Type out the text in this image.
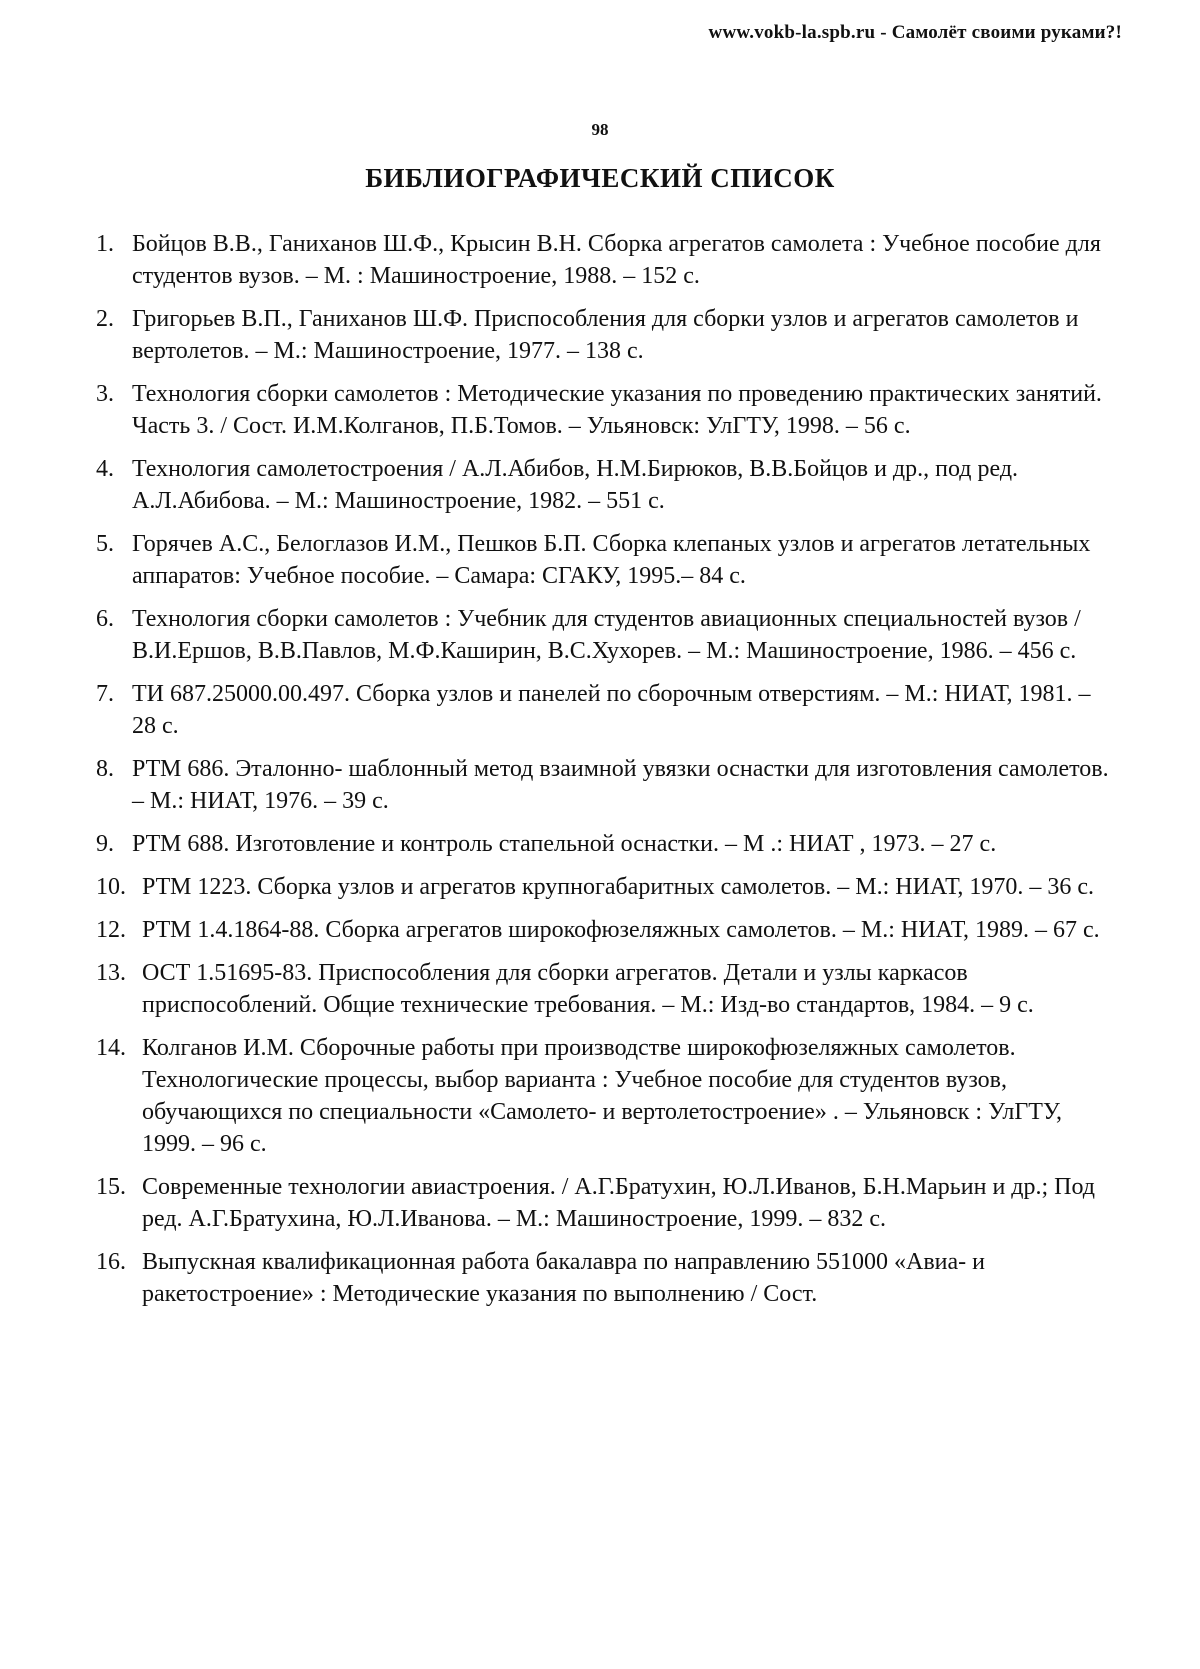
www.vokb-la.spb.ru - Самолёт своими руками?!
98
БИБЛИОГРАФИЧЕСКИЙ СПИСОК
1. Бойцов В.В., Ганиханов Ш.Ф., Крысин В.Н. Сборка агрегатов самолета : Учебное пособие для студентов вузов. – М. : Машиностроение, 1988. – 152 с.
2. Григорьев В.П., Ганиханов Ш.Ф. Приспособления для сборки узлов и агрегатов самолетов и вертолетов. – М.: Машиностроение, 1977. – 138 с.
3. Технология сборки самолетов : Методические указания по проведению практических занятий. Часть 3. / Сост. И.М.Колганов, П.Б.Томов. – Ульяновск: УлГТУ, 1998. – 56 с.
4. Технология самолетостроения / А.Л.Абибов, Н.М.Бирюков, В.В.Бойцов и др., под ред. А.Л.Абибова. – М.: Машиностроение, 1982. – 551 с.
5. Горячев А.С., Белоглазов И.М., Пешков Б.П. Сборка клепаных узлов и агрегатов летательных аппаратов: Учебное пособие. – Самара: СГАКУ, 1995.– 84 с.
6. Технология сборки самолетов : Учебник для студентов авиационных специальностей вузов / В.И.Ершов, В.В.Павлов, М.Ф.Каширин, В.С.Хухорев. – М.: Машиностроение, 1986. – 456 с.
7. ТИ 687.25000.00.497. Сборка узлов и панелей по сборочным отверстиям. – М.: НИАТ, 1981. – 28 с.
8. РТМ 686. Эталонно- шаблонный метод взаимной увязки оснастки для изготовления самолетов. – М.: НИАТ, 1976. – 39 с.
9. РТМ 688. Изготовление и контроль стапельной оснастки. – М .: НИАТ , 1973. – 27 с.
10. РТМ 1223. Сборка узлов и агрегатов крупногабаритных самолетов. – М.: НИАТ, 1970. – 36 с.
12. РТМ 1.4.1864-88. Сборка агрегатов широкофюзеляжных самолетов. – М.: НИАТ, 1989. – 67 с.
13. ОСТ 1.51695-83. Приспособления для сборки агрегатов. Детали и узлы каркасов приспособлений. Общие технические требования. – М.: Изд-во стандартов, 1984. – 9 с.
14. Колганов И.М. Сборочные работы при производстве широкофюзеляжных самолетов. Технологические процессы, выбор варианта : Учебное пособие для студентов вузов, обучающихся по специальности «Самолето- и вертолетостроение» . – Ульяновск : УлГТУ, 1999. – 96 с.
15. Современные технологии авиастроения. / А.Г.Братухин, Ю.Л.Иванов, Б.Н.Марьин и др.; Под ред. А.Г.Братухина, Ю.Л.Иванова. – М.: Машиностроение, 1999. – 832 с.
16. Выпускная квалификационная работа бакалавра по направлению 551000 «Авиа- и ракетостроение» : Методические указания по выполнению / Сост.
